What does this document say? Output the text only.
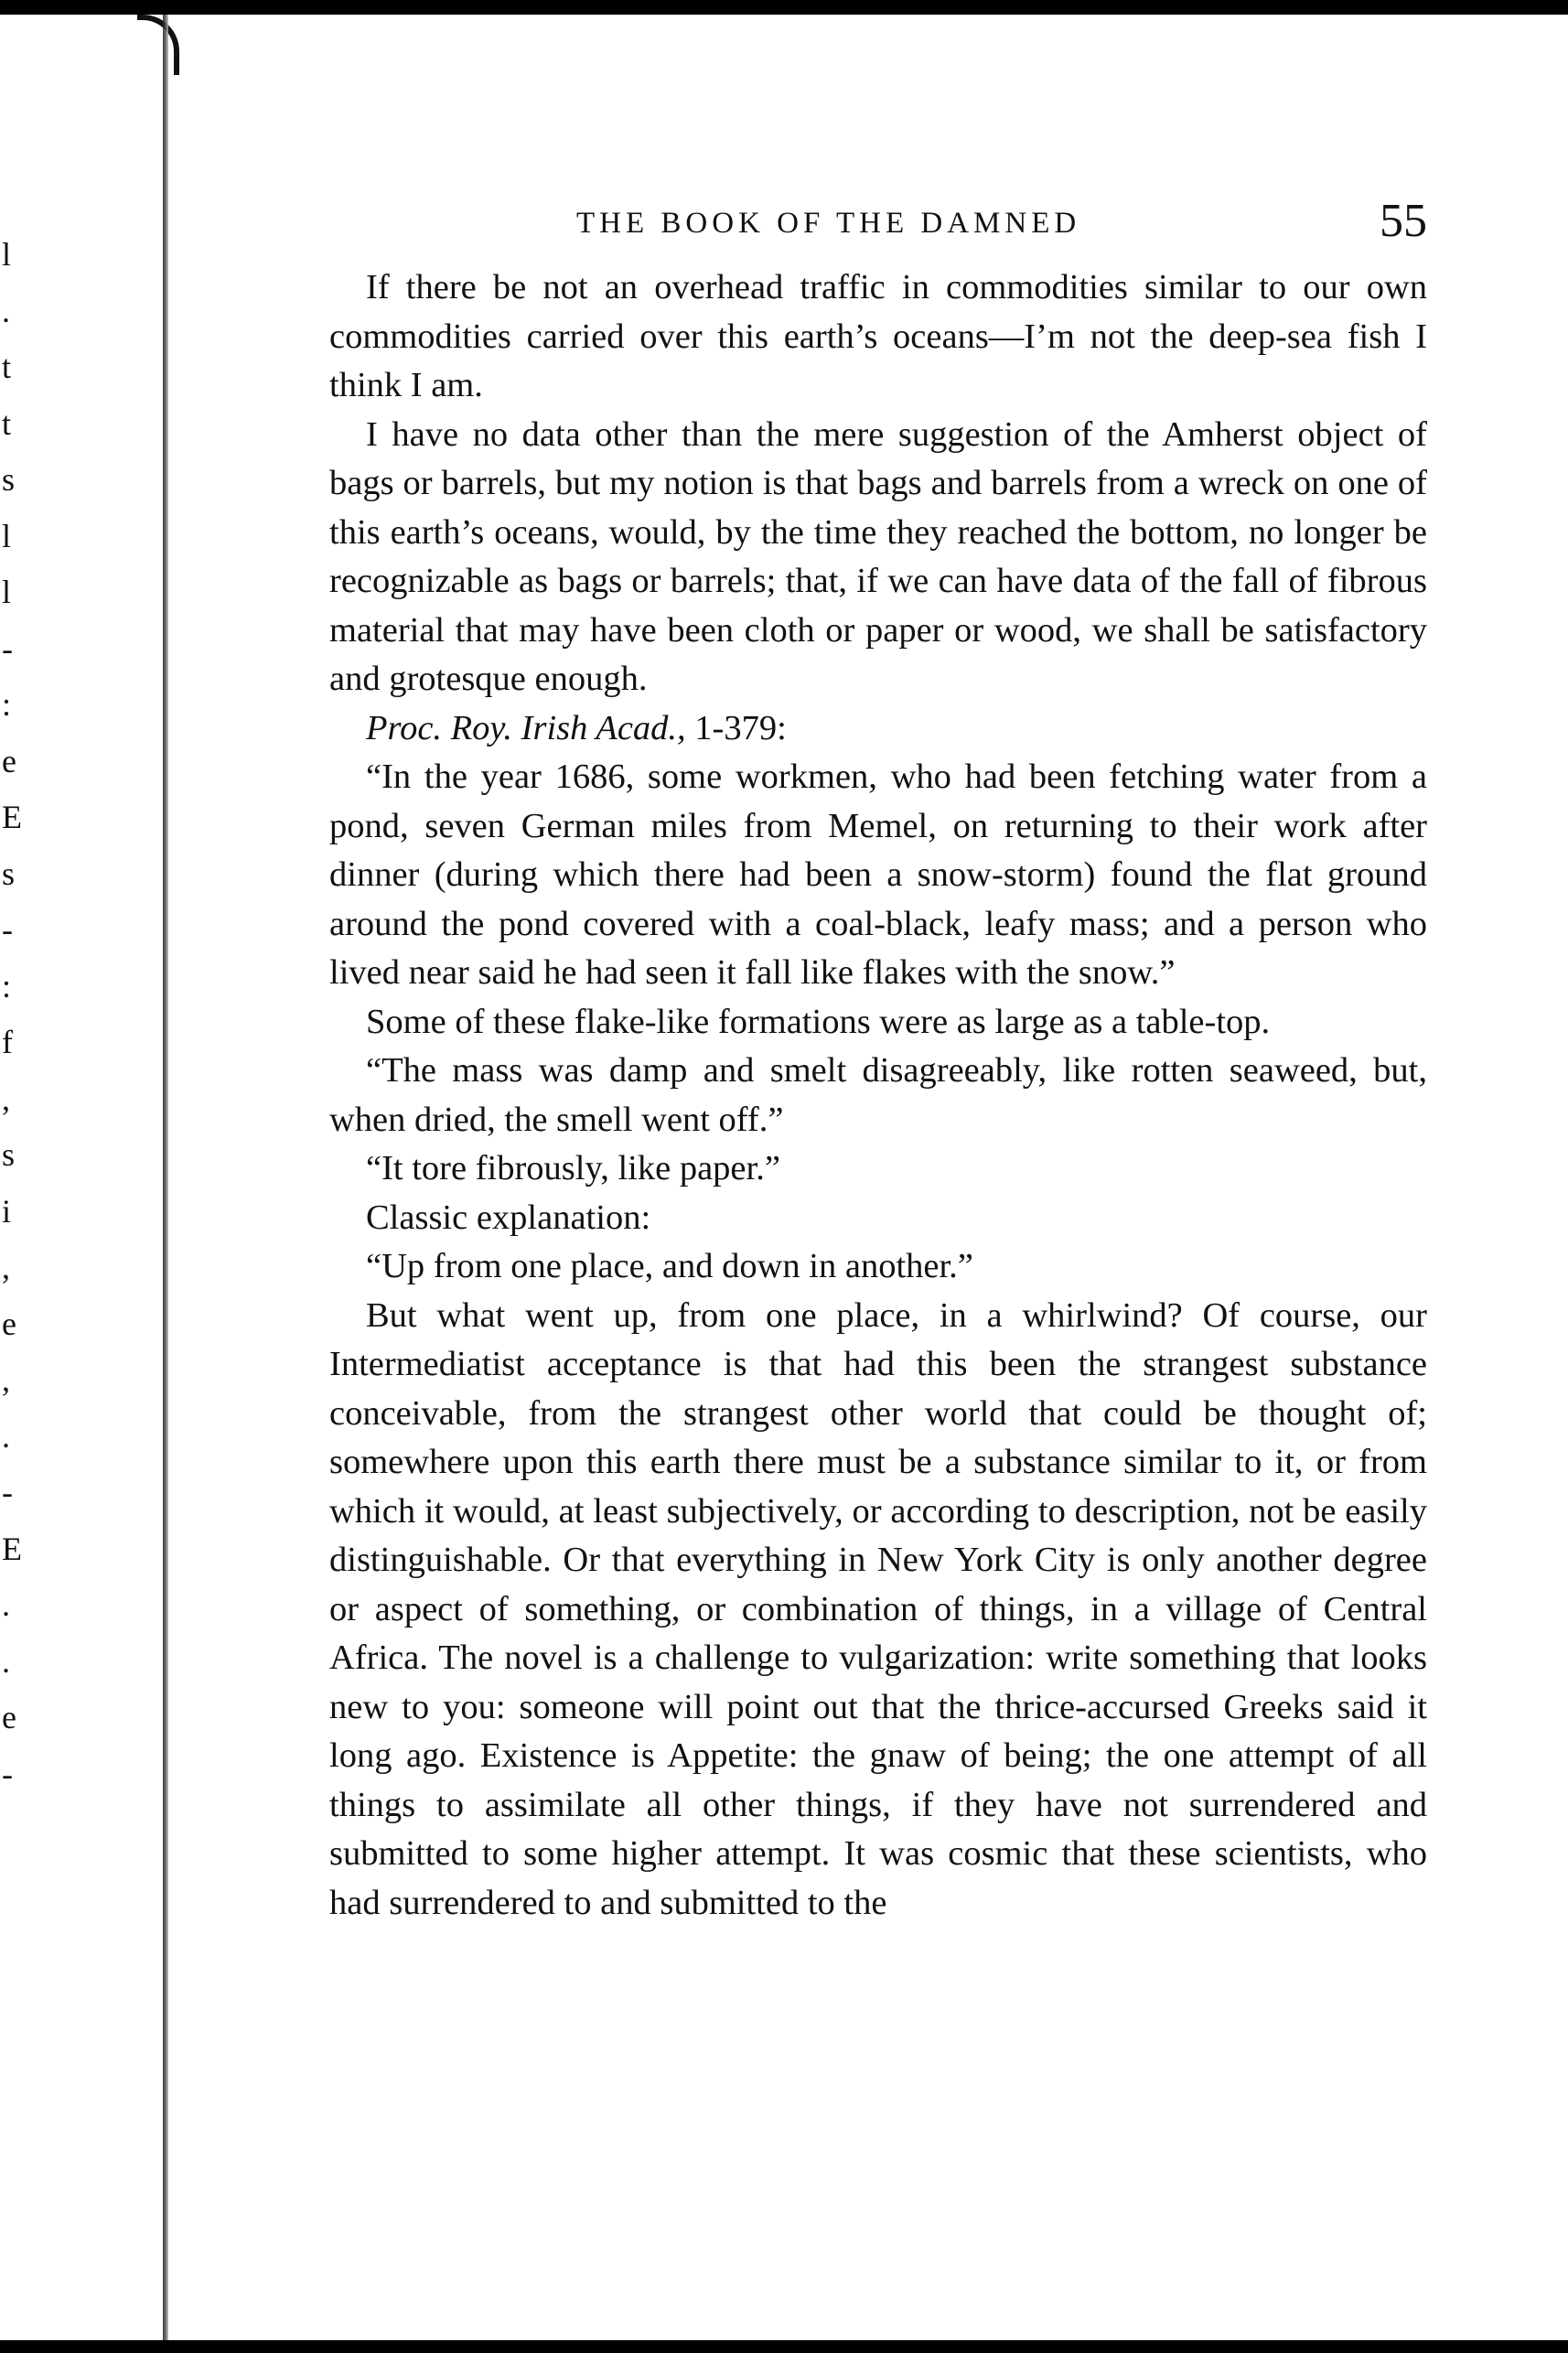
l
.
t
t
s
l
l
-
:
e
E
s
-
:
f
,
s
i
,
e
,
.
-
E
.
.
e
-
THE BOOK OF THE DAMNED	55

If there be not an overhead traffic in commodities similar to our own commodities carried over this earth’s oceans—I’m not the deep-sea fish I think I am.

I have no data other than the mere suggestion of the Amherst object of bags or barrels, but my notion is that bags and barrels from a wreck on one of this earth’s oceans, would, by the time they reached the bottom, no longer be recognizable as bags or barrels; that, if we can have data of the fall of fibrous material that may have been cloth or paper or wood, we shall be satisfactory and grotesque enough.

Proc. Roy. Irish Acad., 1-379:

“In the year 1686, some workmen, who had been fetching water from a pond, seven German miles from Memel, on returning to their work after dinner (during which there had been a snow-storm) found the flat ground around the pond covered with a coal-black, leafy mass; and a person who lived near said he had seen it fall like flakes with the snow.”

Some of these flake-like formations were as large as a table-top.

“The mass was damp and smelt disagreeably, like rotten seaweed, but, when dried, the smell went off.”

“It tore fibrously, like paper.”

Classic explanation:

“Up from one place, and down in another.”

But what went up, from one place, in a whirlwind? Of course, our Intermediatist acceptance is that had this been the strangest substance conceivable, from the strangest other world that could be thought of; somewhere upon this earth there must be a substance similar to it, or from which it would, at least subjectively, or according to description, not be easily distinguishable. Or that everything in New York City is only another degree or aspect of something, or combination of things, in a village of Central Africa. The novel is a challenge to vulgarization: write something that looks new to you: someone will point out that the thrice-accursed Greeks said it long ago. Existence is Appetite: the gnaw of being; the one attempt of all things to assimilate all other things, if they have not surrendered and submitted to some higher attempt. It was cosmic that these scientists, who had surrendered to and submitted to the
